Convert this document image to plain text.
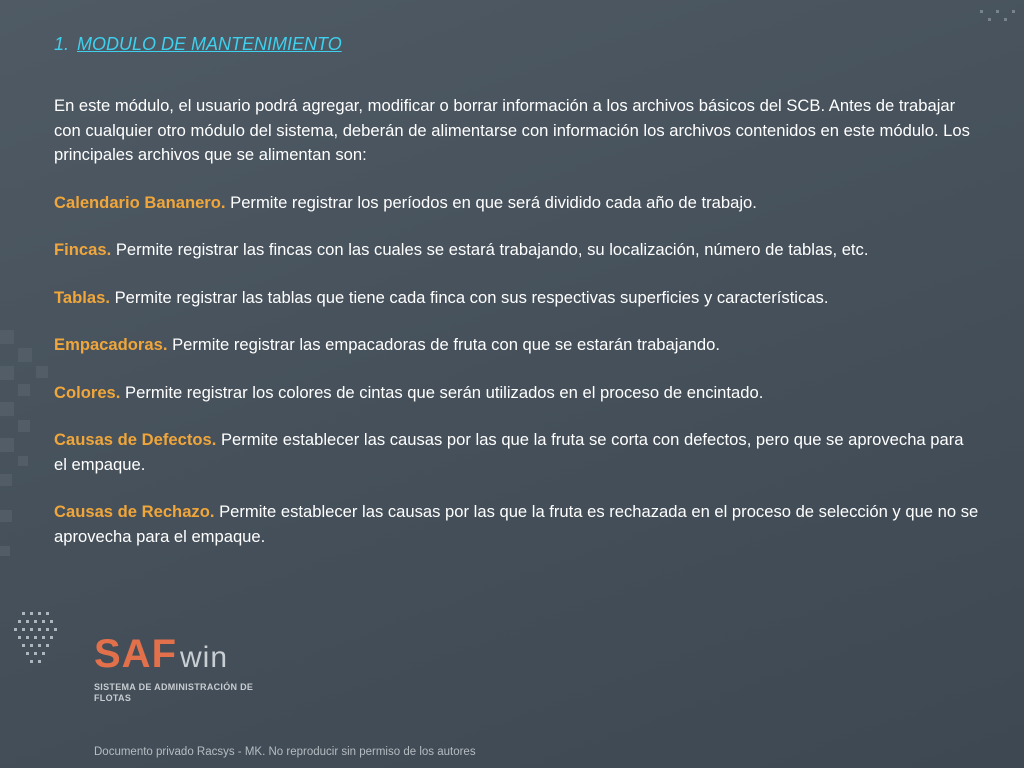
1. MODULO DE MANTENIMIENTO

En este módulo, el usuario podrá agregar, modificar o borrar información a los archivos básicos del SCB. Antes de trabajar con cualquier otro módulo del sistema, deberán de alimentarse con información los archivos contenidos en este módulo. Los principales archivos que se alimentan son:

Calendario Bananero. Permite registrar los períodos en que será dividido cada año de trabajo.

Fincas. Permite registrar las fincas con las cuales se estará trabajando, su localización, número de tablas, etc.

Tablas. Permite registrar las tablas que tiene cada finca con sus respectivas superficies y características.

Empacadoras. Permite registrar las empacadoras de fruta con que se estarán trabajando.

Colores. Permite registrar los colores de cintas que serán utilizados en el proceso de encintado.

Causas de Defectos. Permite establecer las causas por las que la fruta se corta con defectos, pero que se aprovecha para el empaque.

Causas de Rechazo. Permite establecer las causas por las que la fruta es rechazada en el proceso de selección y que no se aprovecha para el empaque.

SAF win
SISTEMA DE ADMINISTRACIÓN DE FLOTAS
Documento privado Racsys - MK. No reproducir sin permiso de los autores
